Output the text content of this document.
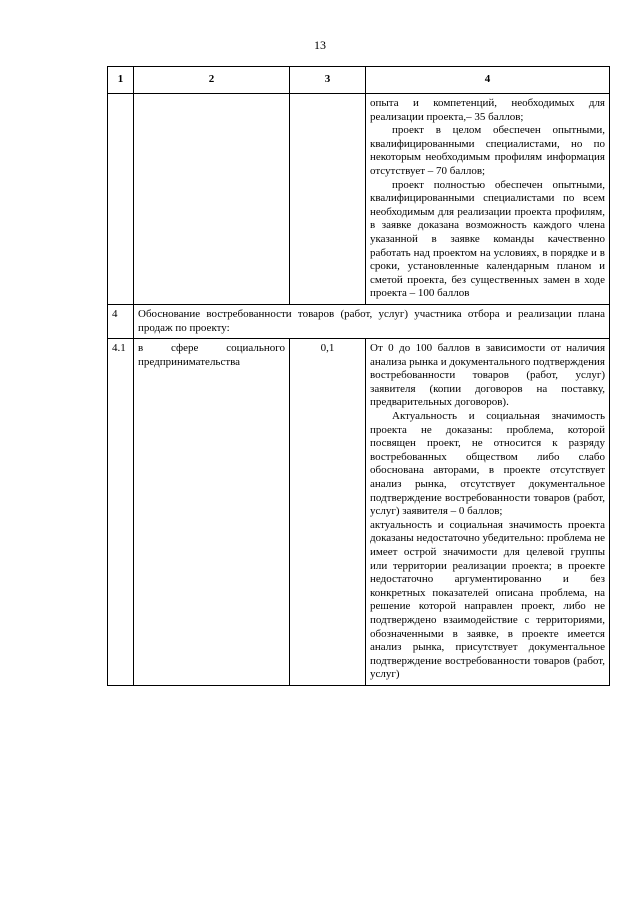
13
1	2	3	4

			опыта и компетенций, необходимых для реализации проекта,– 35 баллов;

проект в целом обеспечен опытными, квалифицированными специалистами, но по некоторым необходимым профилям информация отсутствует – 70 баллов;

проект полностью обеспечен опытными, квалифицированными специалистами по всем необходимым для реализации проекта профилям, в заявке доказана возможность каждого члена указанной в заявке команды качественно работать над проектом на условиях, в порядке и в сроки, установленные календарным планом и сметой проекта, без существенных замен в ходе проекта – 100 баллов

4	Обоснование востребованности товаров (работ, услуг) участника отбора и реализации плана продаж по проекту:		
4.1	в сфере социального предпринимательства	0,1	От 0 до 100 баллов в зависимости от наличия анализа рынка и документального подтверждения востребованности товаров (работ, услуг) заявителя (копии договоров на поставку, предварительных договоров).

Актуальность и социальная значимость проекта не доказаны: проблема, которой посвящен проект, не относится к разряду востребованных обществом либо слабо обоснована авторами, в проекте отсутствует анализ рынка, отсутствует документальное подтверждение востребованности товаров (работ, услуг) заявителя – 0 баллов;

актуальность и социальная значимость проекта доказаны недостаточно убедительно: проблема не имеет острой значимости для целевой группы или территории реализации проекта; в проекте недостаточно аргументированно и без конкретных показателей описана проблема, на решение которой направлен проект, либо не подтверждено взаимодействие с территориями, обозначенными в заявке, в проекте имеется анализ рынка, присутствует документальное подтверждение востребованности товаров (работ, услуг)
